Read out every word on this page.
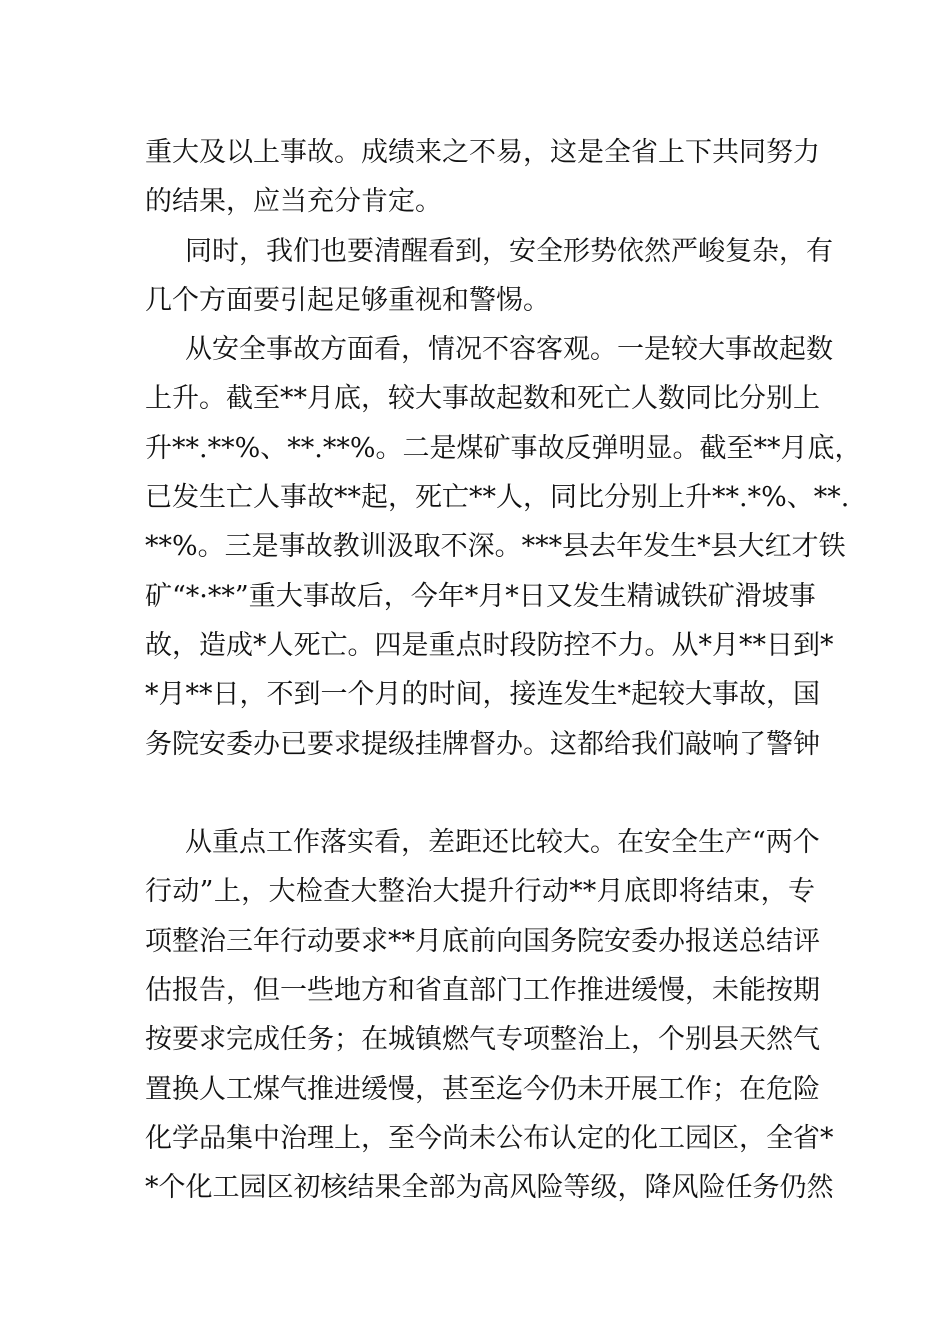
重大及以上事故。成绩来之不易，这是全省上下共同努力
的结果，应当充分肯定。
同时，我们也要清醒看到，安全形势依然严峻复杂，有
几个方面要引起足够重视和警惕。
从安全事故方面看，情况不容客观。一是较大事故起数
上升。截至**月底，较大事故起数和死亡人数同比分别上
升**.**%、**.**%。二是煤矿事故反弹明显。截至**月底，
已发生亡人事故**起，死亡**人，同比分别上升**.*%、**.
**%。三是事故教训汲取不深。***县去年发生*县大红才铁
矿“*·**”重大事故后，今年*月*日又发生精诚铁矿滑坡事
故，造成*人死亡。四是重点时段防控不力。从*月**日到*
*月**日，不到一个月的时间，接连发生*起较大事故，国
务院安委办已要求提级挂牌督办。这都给我们敲响了警钟
从重点工作落实看，差距还比较大。在安全生产“两个
行动”上，大检查大整治大提升行动**月底即将结束，专
项整治三年行动要求**月底前向国务院安委办报送总结评
估报告，但一些地方和省直部门工作推进缓慢，未能按期
按要求完成任务；在城镇燃气专项整治上，个别县天然气
置换人工煤气推进缓慢，甚至迄今仍未开展工作；在危险
化学品集中治理上，至今尚未公布认定的化工园区，全省*
*个化工园区初核结果全部为高风险等级，降风险任务仍然
